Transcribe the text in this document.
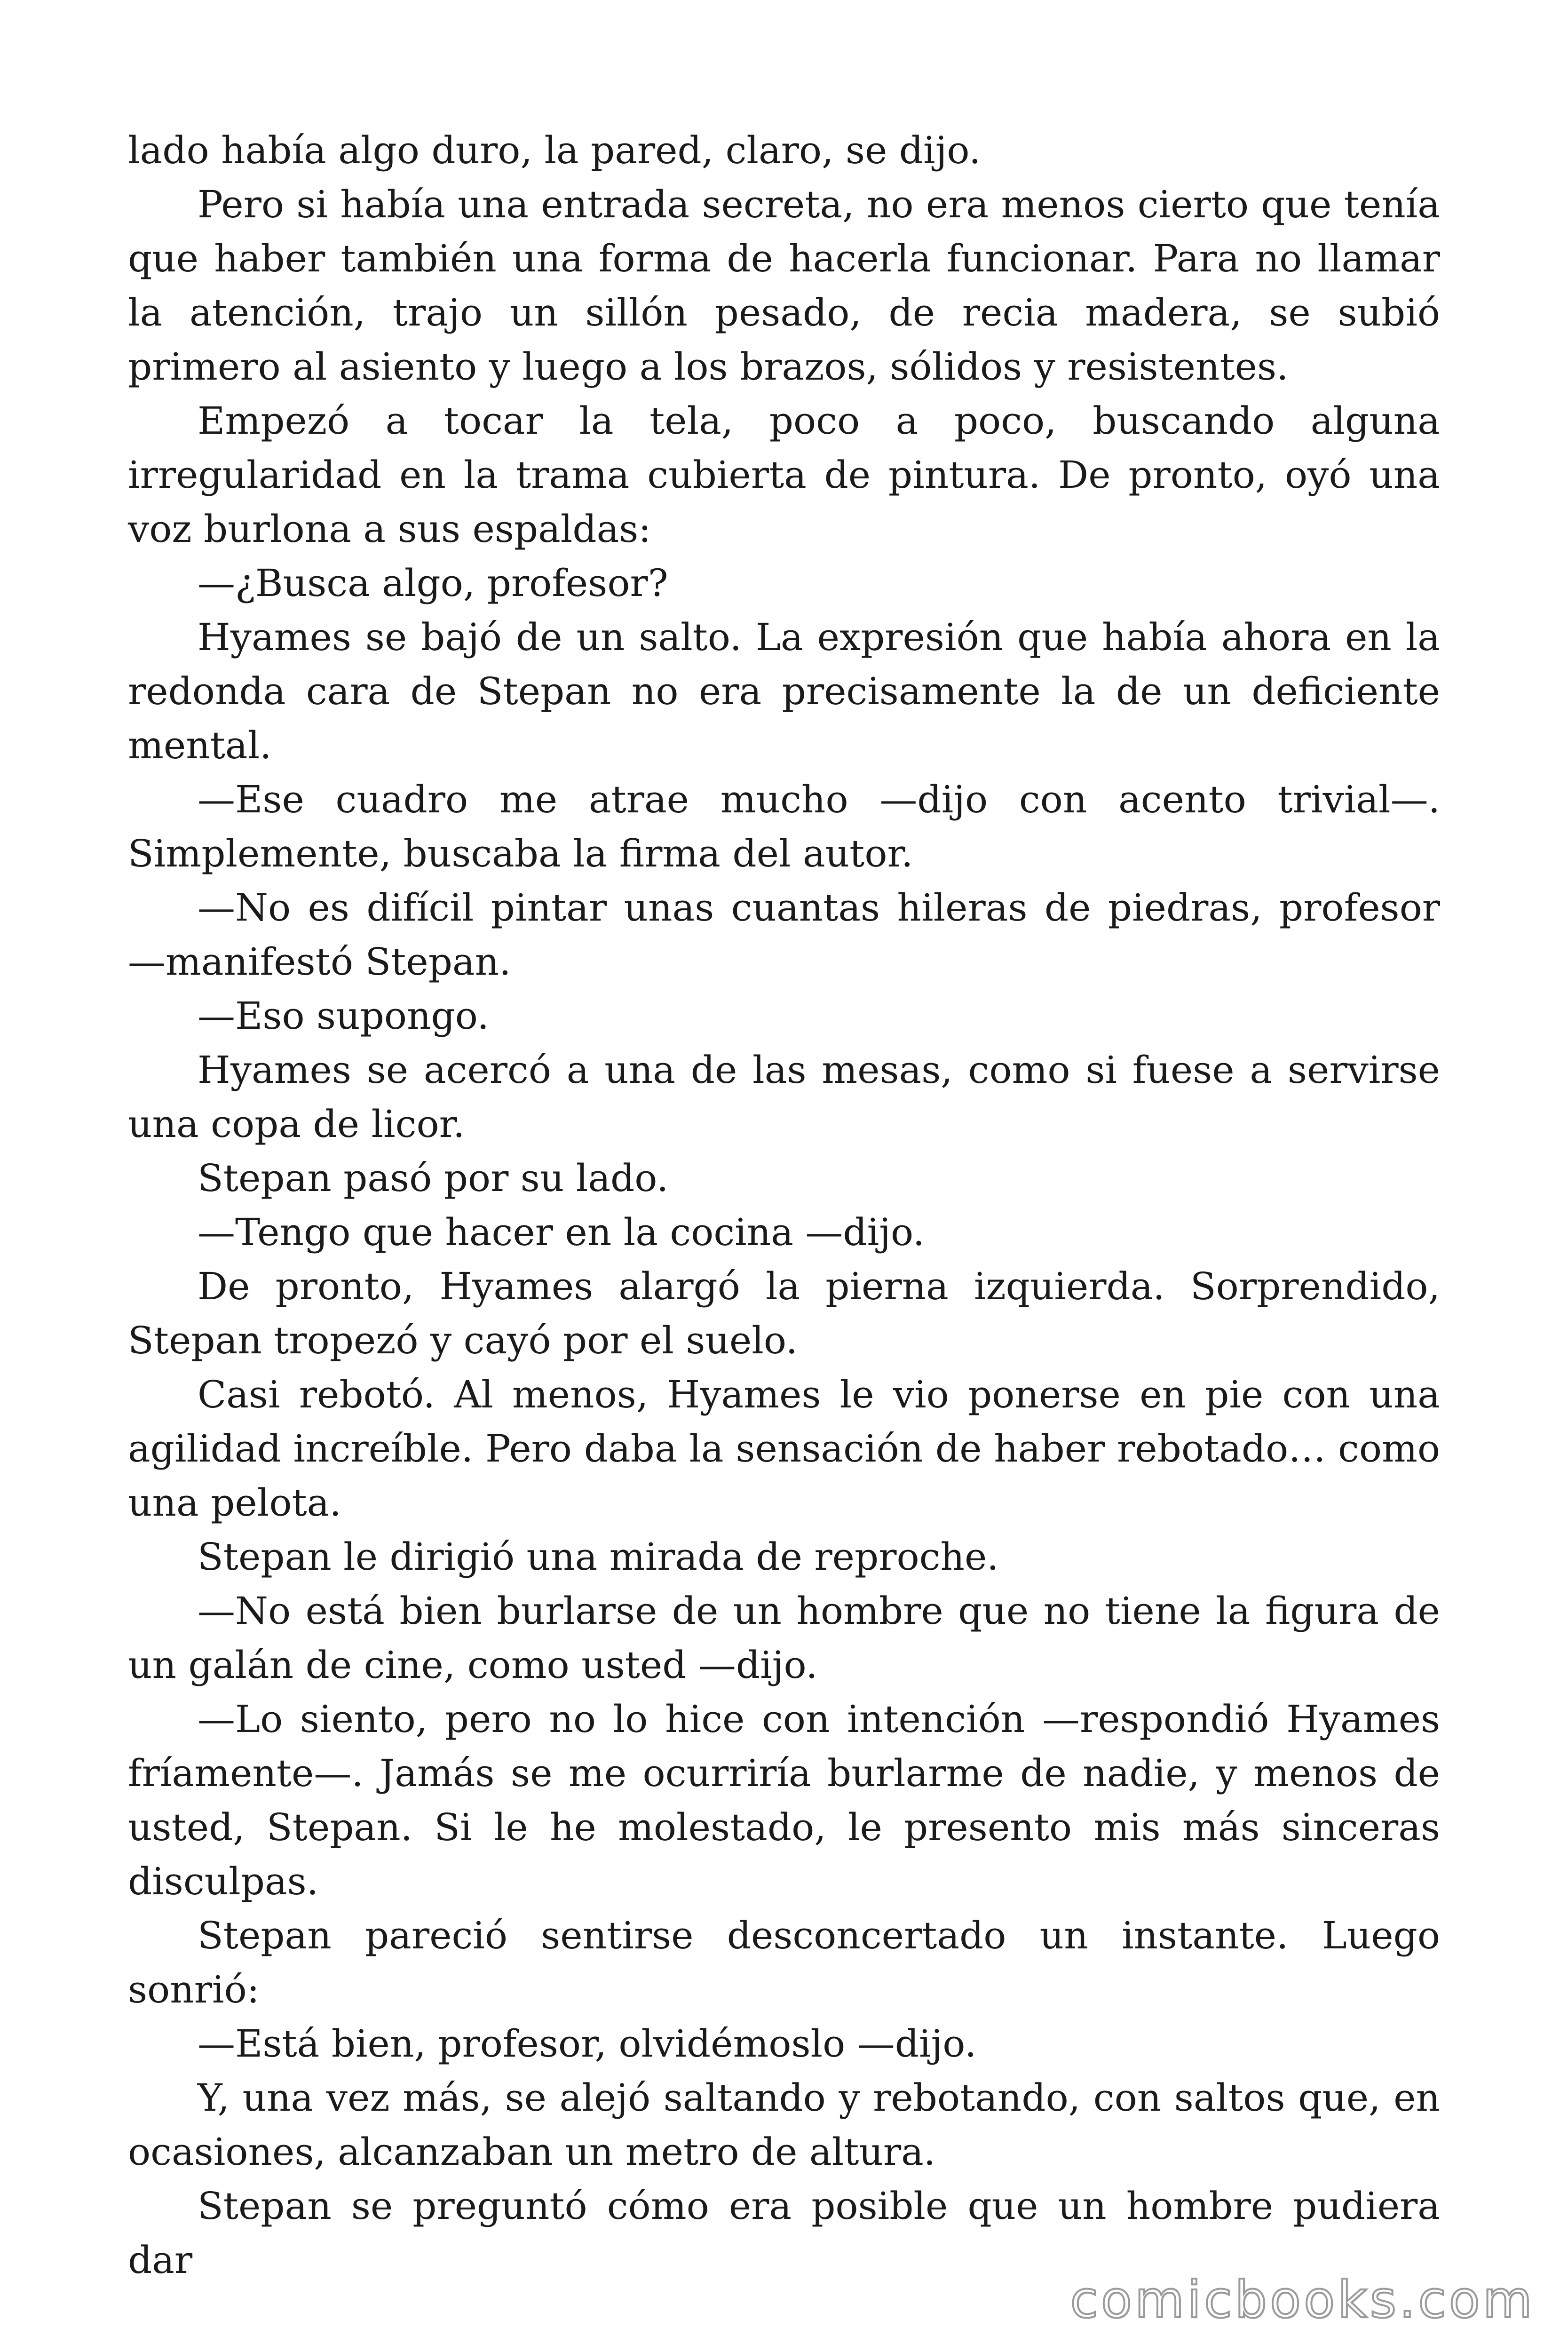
lado había algo duro, la pared, claro, se dijo.

Pero si había una entrada secreta, no era menos cierto que tenía que haber también una forma de hacerla funcionar. Para no llamar la atención, trajo un sillón pesado, de recia madera, se subió primero al asiento y luego a los brazos, sólidos y resistentes.

Empezó a tocar la tela, poco a poco, buscando alguna irregularidad en la trama cubierta de pintura. De pronto, oyó una voz burlona a sus espaldas:

—¿Busca algo, profesor?

Hyames se bajó de un salto. La expresión que había ahora en la redonda cara de Stepan no era precisamente la de un deficiente mental.

—Ese cuadro me atrae mucho —dijo con acento trivial—. Simplemente, buscaba la firma del autor.

—No es difícil pintar unas cuantas hileras de piedras, profesor —manifestó Stepan.

—Eso supongo.

Hyames se acercó a una de las mesas, como si fuese a servirse una copa de licor.

Stepan pasó por su lado.

—Tengo que hacer en la cocina —dijo.

De pronto, Hyames alargó la pierna izquierda. Sorprendido, Stepan tropezó y cayó por el suelo.

Casi rebotó. Al menos, Hyames le vio ponerse en pie con una agilidad increíble. Pero daba la sensación de haber rebotado… como una pelota.

Stepan le dirigió una mirada de reproche.

—No está bien burlarse de un hombre que no tiene la figura de un galán de cine, como usted —dijo.

—Lo siento, pero no lo hice con intención —respondió Hyames fríamente—. Jamás se me ocurriría burlarme de nadie, y menos de usted, Stepan. Si le he molestado, le presento mis más sinceras disculpas.

Stepan pareció sentirse desconcertado un instante. Luego sonrió:

—Está bien, profesor, olvidémoslo —dijo.

Y, una vez más, se alejó saltando y rebotando, con saltos que, en ocasiones, alcanzaban un metro de altura.

Stepan se preguntó cómo era posible que un hombre pudiera dar

comicbooks.com
